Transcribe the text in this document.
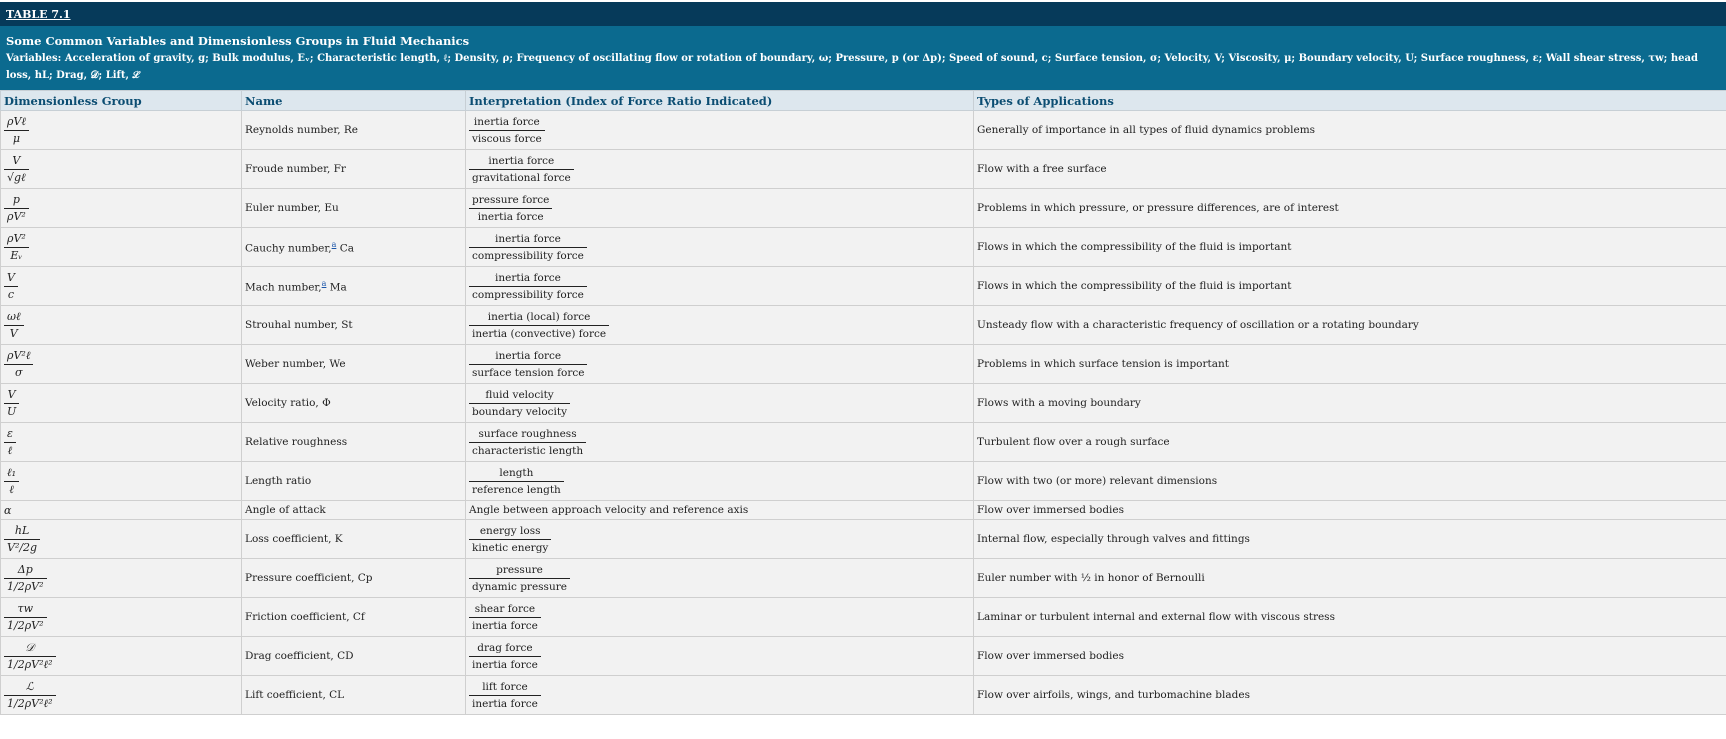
TABLE 7.1
Some Common Variables and Dimensionless Groups in Fluid Mechanics
Variables: Acceleration of gravity, g; Bulk modulus, Eᵥ; Characteristic length, ℓ; Density, ρ; Frequency of oscillating flow or rotation of boundary, ω; Pressure, p (or Δp); Speed of sound, c; Surface tension, σ; Velocity, V; Viscosity, μ; Boundary velocity, U; Surface roughness, ε; Wall shear stress, τw; head loss, hL; Drag, 𝒟; Lift, ℒ
Dimensionless Group	Name	Interpretation (Index of Force Ratio Indicated)	Types of Applications

$\frac{\text{ρVℓ}}{\mu}$	Reynolds number, Re	$\frac{\text{inertia force}}{\text{viscous force}}$	Generally of importance in all types of fluid dynamics problems

$\frac{V}{\text{√gℓ}}$	Froude number, Fr	$\frac{\text{inertia force}}{\text{gravitational force}}$	Flow with a free surface

$\frac{p}{\text{ρV²}}$	Euler number, Eu	$\frac{\text{pressure force}}{\text{inertia force}}$	Problems in which pressure, or pressure differences, are of interest

$\frac{\text{ρV²}}{\text{Eᵥ}}$	Cauchy number,$^a$ Ca	$\frac{\text{inertia force}}{\text{compressibility force}}$	Flows in which the compressibility of the fluid is important

$\frac{V}{c}$	Mach number,$^a$ Ma	$\frac{\text{inertia force}}{\text{compressibility force}}$	Flows in which the compressibility of the fluid is important

$\frac{\text{ωℓ}}{V}$	Strouhal number, St	$\frac{\text{inertia (local) force}}{\text{inertia (convective) force}}$	Unsteady flow with a characteristic frequency of oscillation or a rotating boundary

$\frac{\text{ρV²ℓ}}{\sigma}$	Weber number, We	$\frac{\text{inertia force}}{\text{surface tension force}}$	Problems in which surface tension is important

$\frac{V}{U}$	Velocity ratio, Φ	$\frac{\text{fluid velocity}}{\text{boundary velocity}}$	Flows with a moving boundary

$\frac{\varepsilon}{\text{ℓ}}$	Relative roughness	$\frac{\text{surface roughness}}{\text{characteristic length}}$	Turbulent flow over a rough surface

$\frac{\text{ℓ₁}}{\text{ℓ}}$	Length ratio	$\frac{\text{length}}{\text{reference length}}$	Flow with two (or more) relevant dimensions
α	Angle of attack	Angle between approach velocity and reference axis	Flow over immersed bodies

$\frac{hL}{\text{V²/2g}}$	Loss coefficient, K	$\frac{\text{energy loss}}{\text{kinetic energy}}$	Internal flow, especially through valves and fittings

$\frac{\Delta p}{\text{1/2ρV²}}$	Pressure coefficient, Cp	$\frac{\text{pressure}}{\text{dynamic pressure}}$	Euler number with ½ in honor of Bernoulli

$\frac{\tau w}{\text{1/2ρV²}}$	Friction coefficient, Cf	$\frac{\text{shear force}}{\text{inertia force}}$	Laminar or turbulent internal and external flow with viscous stress

$\frac{\text{𝒟}}{\text{1/2ρV²ℓ²}}$	Drag coefficient, CD	$\frac{\text{drag force}}{\text{inertia force}}$	Flow over immersed bodies

$\frac{\text{ℒ}}{\text{1/2ρV²ℓ²}}$	Lift coefficient, CL	$\frac{\text{lift force}}{\text{inertia force}}$	Flow over airfoils, wings, and turbomachine blades
